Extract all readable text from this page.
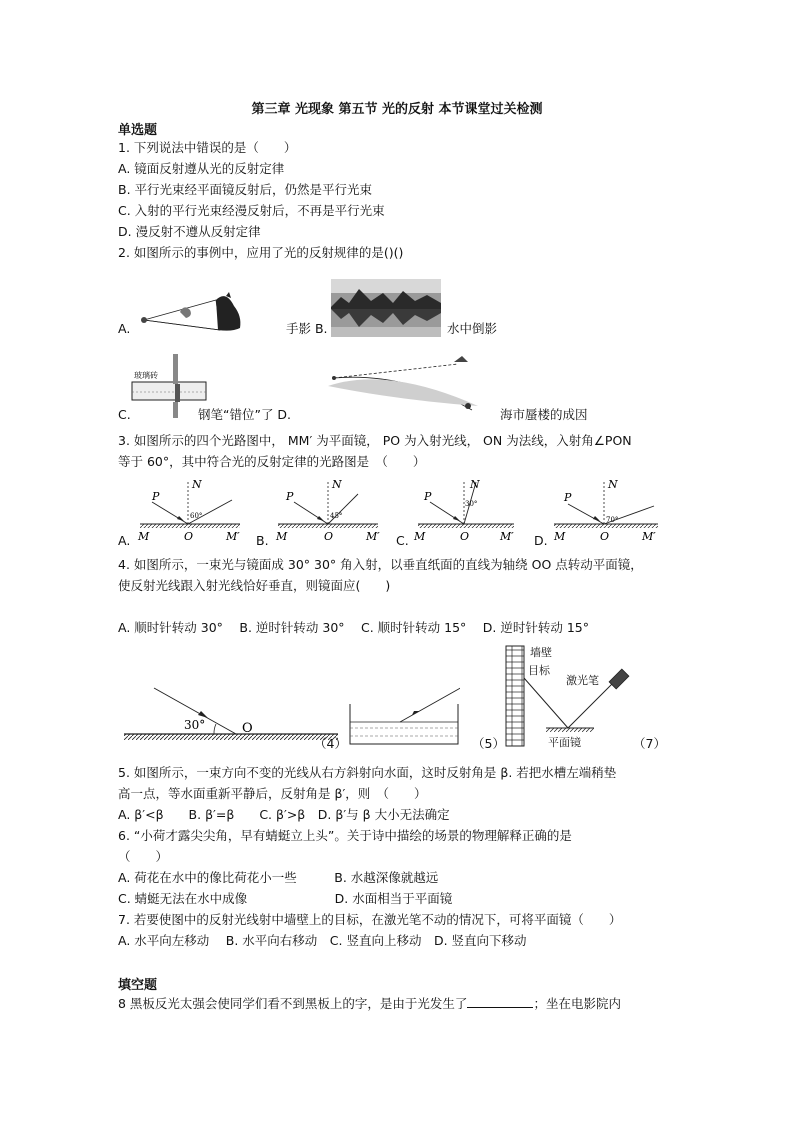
第三章 光现象 第五节 光的反射 本节课堂过关检测
单选题
1. 下列说法中错误的是（　　）
A. 镜面反射遵从光的反射定律
B. 平行光束经平面镜反射后，仍然是平行光束
C. 入射的平行光束经漫反射后，不再是平行光束
D. 漫反射不遵从反射定律
2. 如图所示的事例中，应用了光的反射规律的是()()
A.	手影 B.	水中倒影
C.
玻璃砖
钢笔“错位”了 D.	海市蜃楼的成因
3. 如图所示的四个光路图中， MM′ 为平面镜， PO 为入射光线， ON 为法线，入射角∠PON
等于 60°，其中符合光的反射定律的光路图是　（　　）
P
N
60°
M	O	M′
P
N
45°
M	O	M′
P
N
30°
M	O	M′
P
N
70°
M	O	M′
A.	B.	C.	D.
4. 如图所示，一束光与镜面成 30° 30° 角入射，以垂直纸面的直线为轴绕 OO 点转动平面镜，
使反射光线跟入射光线恰好垂直，则镜面应(　　)
A. 顺时针转动 30°　 B. 逆时针转动 30°　 C. 顺时针转动 15°　 D. 逆时针转动 15°
30°	O
（4）	（5）
墙壁
目标
激光笔
平面镜	（7）
5. 如图所示，一束方向不变的光线从右方斜射向水面，这时反射角是 β. 若把水槽左端稍垫
高一点，等水面重新平静后，反射角是 β′，则　（　　）
A. β′<β　　B. β′=β　　C. β′>β　D. β′与 β 大小无法确定
6. “小荷才露尖尖角，早有蜻蜓立上头”。关于诗中描绘的场景的物理解释正确的是
（　　）
A. 荷花在水中的像比荷花小一些　　　B. 水越深像就越远
C. 蜻蜓无法在水中成像　　　　　　　D. 水面相当于平面镜
7. 若要使图中的反射光线射中墙壁上的目标，在激光笔不动的情况下，可将平面镜（　　）
A. 水平向左移动　 B. 水平向右移动　C. 竖直向上移动　D. 竖直向下移动
填空题
8 黑板反光太强会使同学们看不到黑板上的字，是由于光发生了	；坐在电影院内
